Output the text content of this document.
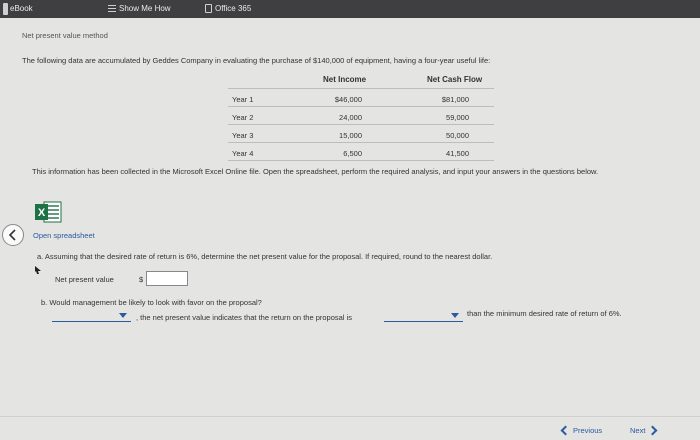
eBook	Show Me How	Office 365
Net present value method
The following data are accumulated by Geddes Company in evaluating the purchase of $140,000 of equipment, having a four-year useful life:
Net Income	Net Cash Flow
Year 1	$46,000	$81,000
Year 2	24,000	59,000
Year 3	15,000	50,000
Year 4	6,500	41,500
This information has been collected in the Microsoft Excel Online file. Open the spreadsheet, perform the required analysis, and input your answers in the questions below.
X
Open spreadsheet
a. Assuming that the desired rate of return is 6%, determine the net present value for the proposal. If required, round to the nearest dollar.
Net present value	$
b. Would management be likely to look with favor on the proposal?
, the net present value indicates that the return on the proposal is	than the minimum desired rate of return of 6%.
Previous	Next
